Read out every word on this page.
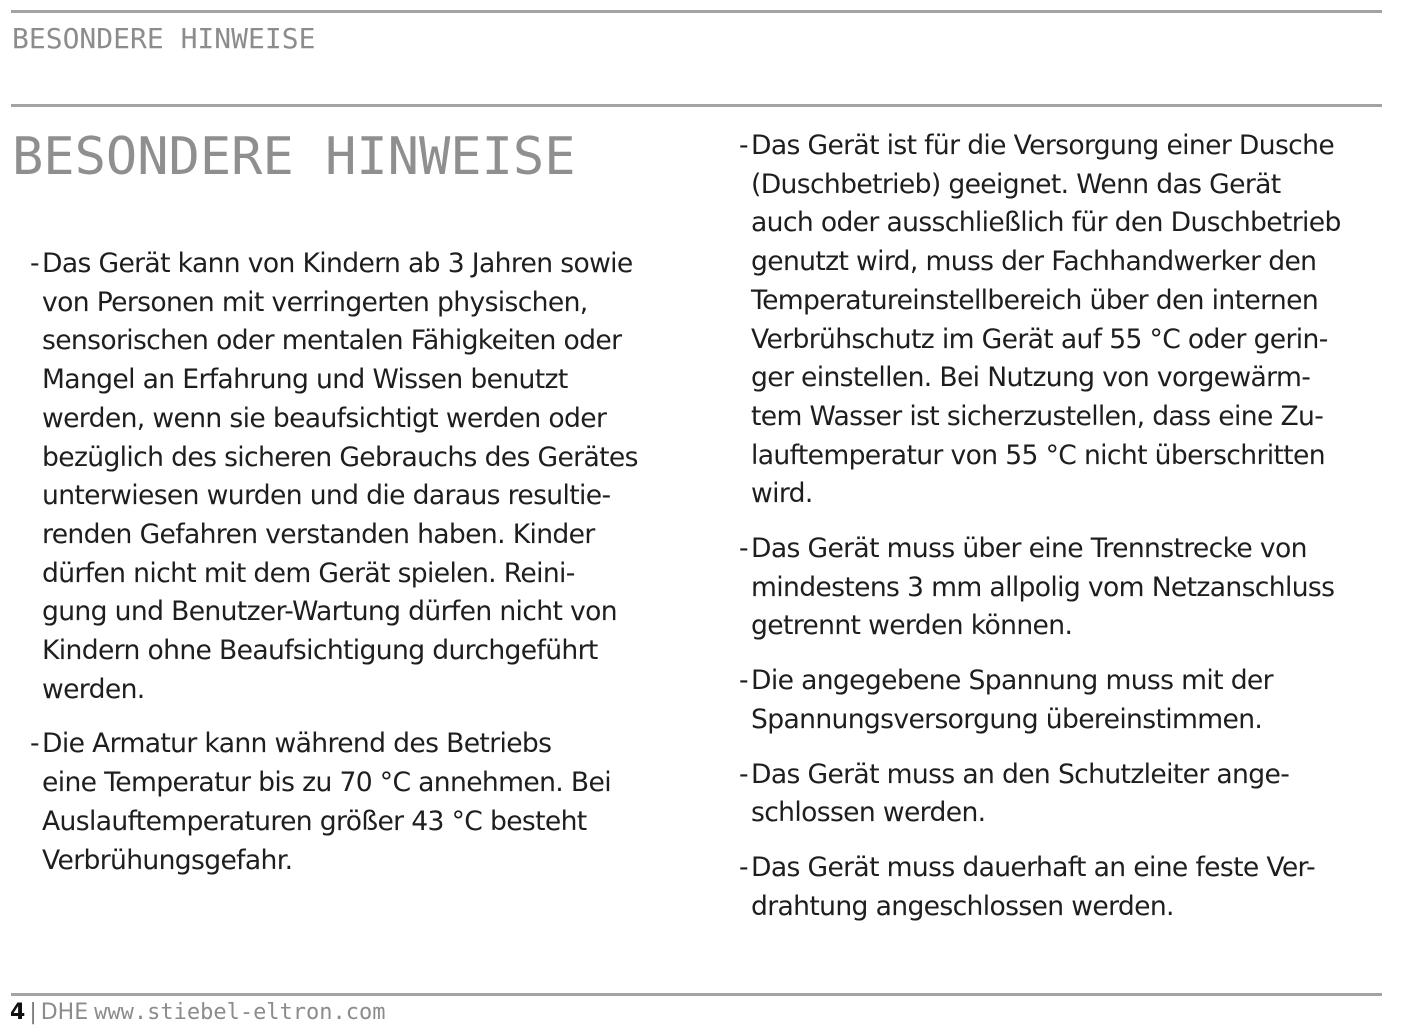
BESONDERE HINWEISE
BESONDERE HINWEISE
- Das Gerät kann von Kindern ab 3 Jahren sowie
von Personen mit verringerten physischen,
sensorischen oder mentalen Fähigkeiten oder
Mangel an Erfahrung und Wissen benutzt
werden, wenn sie beaufsichtigt werden oder
bezüglich des sicheren Gebrauchs des Gerätes
unterwiesen wurden und die daraus resultie-
renden Gefahren verstanden haben. Kinder
dürfen nicht mit dem Gerät spielen. Reini-
gung und Benutzer-Wartung dürfen nicht von
Kindern ohne Beaufsichtigung durchgeführt
werden.

- Die Armatur kann während des Betriebs
eine Temperatur bis zu 70 °C annehmen. Bei
Auslauftemperaturen größer 43 °C besteht
Verbrühungsgefahr.

- Das Gerät ist für die Versorgung einer Dusche
(Duschbetrieb) geeignet. Wenn das Gerät
auch oder ausschließlich für den Duschbetrieb
genutzt wird, muss der Fachhandwerker den
Temperatureinstellbereich über den internen
Verbrühschutz im Gerät auf 55 °C oder gerin-
ger einstellen. Bei Nutzung von vorgewärm-
tem Wasser ist sicherzustellen, dass eine Zu-
lauftemperatur von 55 °C nicht überschritten
wird.

- Das Gerät muss über eine Trennstrecke von
mindestens 3 mm allpolig vom Netzanschluss
getrennt werden können.

- Die angegebene Spannung muss mit der
Spannungsversorgung übereinstimmen.

- Das Gerät muss an den Schutzleiter ange-
schlossen werden.

- Das Gerät muss dauerhaft an eine feste Ver-
drahtung angeschlossen werden.

4 | DHE www.stiebel-eltron.com
